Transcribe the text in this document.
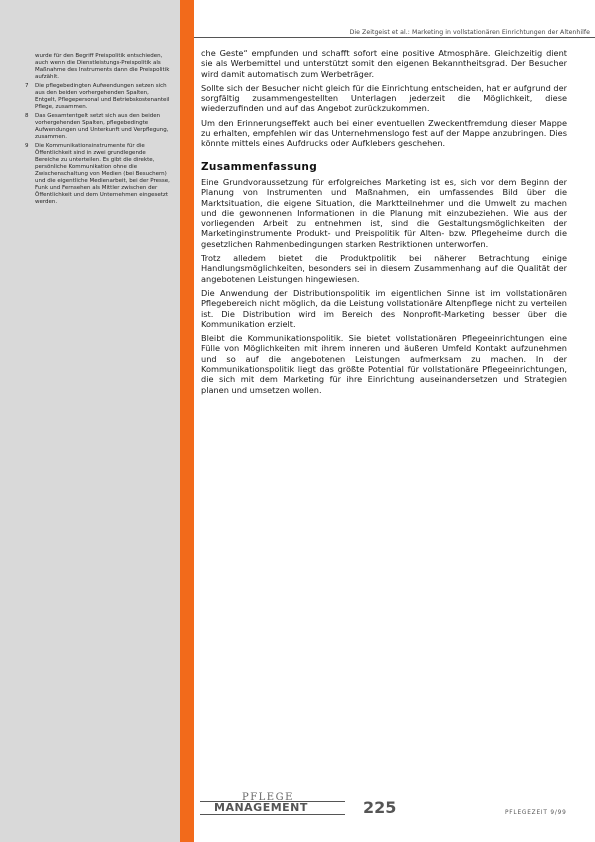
Die Zeitgeist et al.: Marketing in vollstationären Einrichtungen der Altenhilfe
wurde für den Begriff Preispolitik entschieden, auch wenn die Dienstleistungs-Preispolitik als Maßnahme des Instruments dann die Preispolitik aufzählt.
7 Die pflegebedingten Aufwendungen setzen sich aus den beiden vorhergehenden Spalten, Entgelt, Pflegepersonal und Betriebskostenanteil Pflege, zusammen.
8 Das Gesamtentgelt setzt sich aus den beiden vorhergehenden Spalten, pflegebedingte Aufwendungen und Unterkunft und Verpflegung, zusammen.
9 Die Kommunikationsinstrumente für die Öffentlichkeit sind in zwei grundlegende Bereiche zu unterteilen. Es gibt die direkte, persönliche Kommunikation ohne die Zwischenschaltung von Medien (bei Besuchern) und die eigentliche Medienarbeit, bei der Presse, Funk und Fernsehen als Mittler zwischen der Öffentlichkeit und dem Unternehmen eingesetzt werden.

che Geste“ empfunden und schafft sofort eine positive Atmosphäre. Gleichzeitig dient sie als Werbemittel und unterstützt somit den eigenen Bekanntheitsgrad. Der Besucher wird damit automatisch zum Werbeträger.

Sollte sich der Besucher nicht gleich für die Einrichtung entscheiden, hat er aufgrund der sorgfältig zusammengestellten Unterlagen jederzeit die Möglichkeit, diese wiederzufinden und auf das Angebot zurückzukommen.

Um den Erinnerungseffekt auch bei einer eventuellen Zweckentfremdung dieser Mappe zu erhalten, empfehlen wir das Unternehmenslogo fest auf der Mappe anzubringen. Dies könnte mittels eines Aufdrucks oder Aufklebers geschehen.

Zusammenfassung

Eine Grundvoraussetzung für erfolgreiches Marketing ist es, sich vor dem Beginn der Planung von Instrumenten und Maßnahmen, ein umfassendes Bild über die Marktsituation, die eigene Situation, die Marktteilnehmer und die Umwelt zu machen und die gewonnenen Informationen in die Planung mit einzubeziehen. Wie aus der vorliegenden Arbeit zu entnehmen ist, sind die Gestaltungsmöglichkeiten der Marketinginstrumente Produkt- und Preispolitik für Alten- bzw. Pflegeheime durch die gesetzlichen Rahmenbedingungen starken Restriktionen unterworfen.

Trotz alledem bietet die Produktpolitik bei näherer Betrachtung einige Handlungsmöglichkeiten, besonders sei in diesem Zusammenhang auf die Qualität der angebotenen Leistungen hingewiesen.

Die Anwendung der Distributionspolitik im eigentlichen Sinne ist im vollstationären Pflegebereich nicht möglich, da die Leistung vollstationäre Altenpflege nicht zu verteilen ist. Die Distribution wird im Bereich des Nonprofit-Marketing besser über die Kommunikation erzielt.

Bleibt die Kommunikationspolitik. Sie bietet vollstationären Pflegeeinrichtungen eine Fülle von Möglichkeiten mit ihrem inneren und äußeren Umfeld Kontakt aufzunehmen und so auf die angebotenen Leistungen aufmerksam zu machen. In der Kommunikationspolitik liegt das größte Potential für vollstationäre Pflegeeinrichtungen, die sich mit dem Marketing für ihre Einrichtung auseinandersetzen und Strategien planen und umsetzen wollen.

PFLEGE
MANAGEMENT	225	PFLEGEZEIT 9/99
